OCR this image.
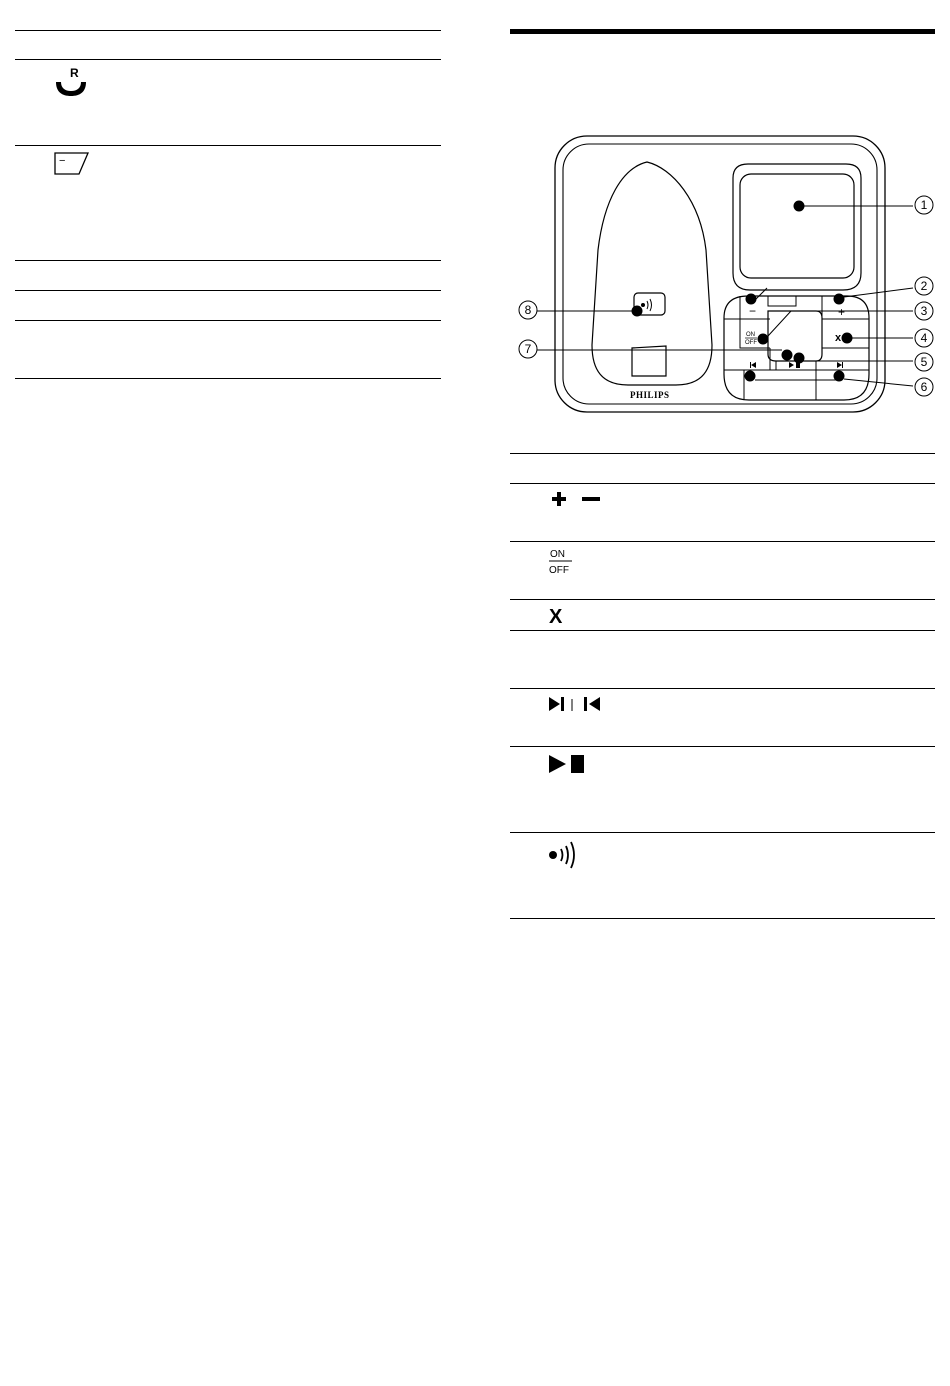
R
−
−	+
ON
OFF	x
PHILIPS
1
2
3
4
5
6
7
8
ON
OFF
X
